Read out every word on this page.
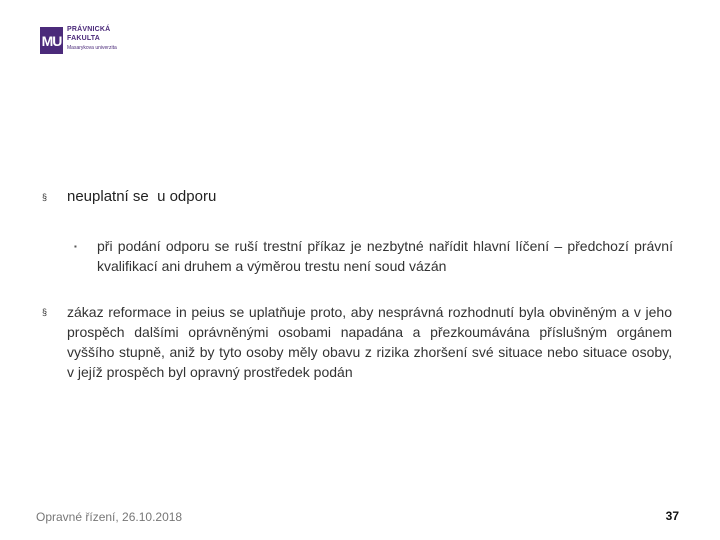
MU
PRÁVNICKÁ
FAKULTA
Masarykova univerzita
§	neuplatní se  u odporu
▪	při podání odporu se ruší trestní příkaz je nezbytné nařídit hlavní líčení – předchozí právní kvalifikací ani druhem a výměrou trestu není soud vázán
§	zákaz reformace in peius se uplatňuje proto, aby nesprávná rozhodnutí byla obviněným a v jeho prospěch dalšími oprávněnými osobami napadána a přezkoumávána příslušným orgánem vyššího stupně, aniž by tyto osoby měly obavu z rizika zhoršení své situace nebo situace osoby, v jejíž prospěch byl opravný prostředek podán
Opravné řízení, 26.10.2018	37
